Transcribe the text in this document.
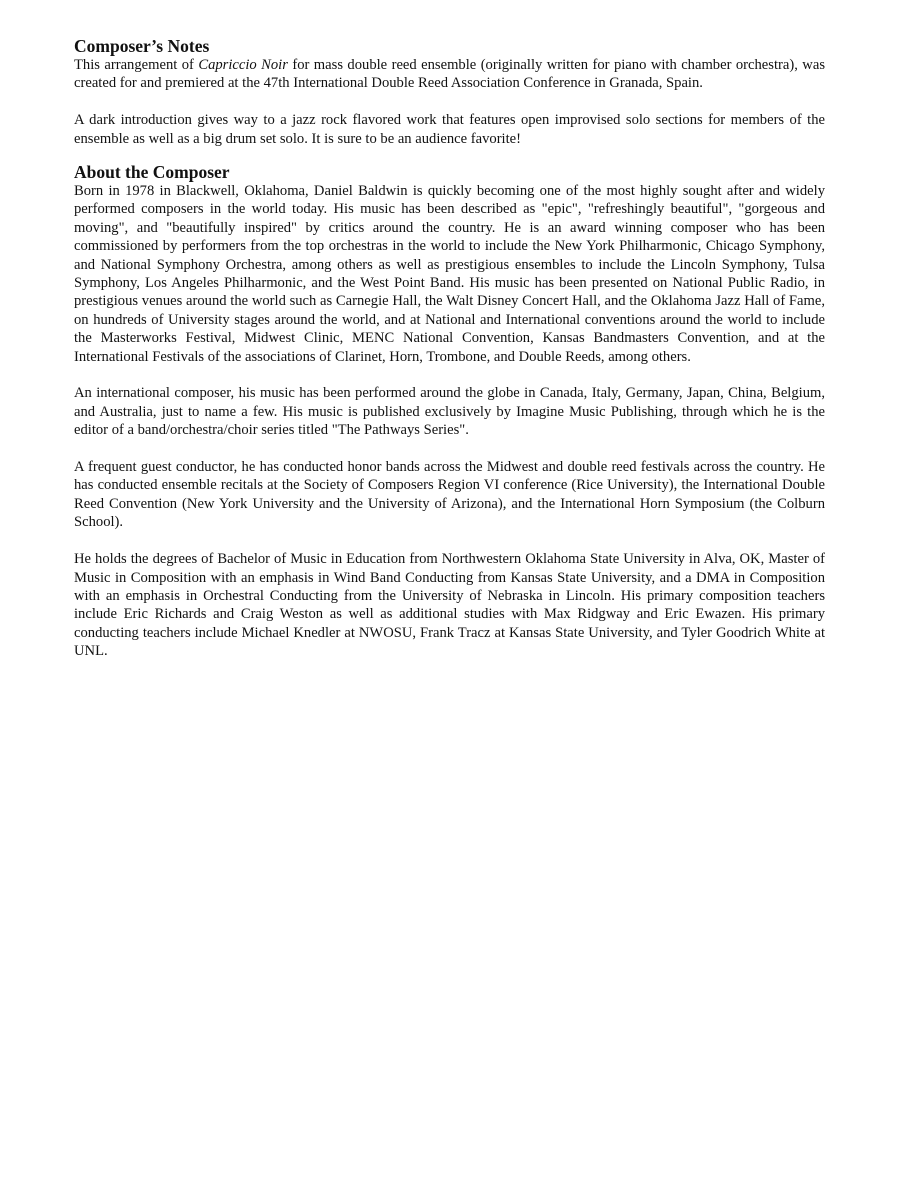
Composer’s Notes

This arrangement of Capriccio Noir for mass double reed ensemble (originally written for piano with chamber orchestra), was created for and premiered at the 47th International Double Reed Association Conference in Granada, Spain.

A dark introduction gives way to a jazz rock flavored work that features open improvised solo sections for members of the ensemble as well as a big drum set solo. It is sure to be an audience favorite!

About the Composer

Born in 1978 in Blackwell, Oklahoma, Daniel Baldwin is quickly becoming one of the most highly sought after and widely performed composers in the world today. His music has been described as "epic", "refreshingly beautiful", "gorgeous and moving", and "beautifully inspired" by critics around the country. He is an award winning composer who has been commissioned by performers from the top orchestras in the world to include the New York Philharmonic, Chicago Symphony, and National Symphony Orchestra, among others as well as prestigious ensembles to include the Lincoln Symphony, Tulsa Symphony, Los Angeles Philharmonic, and the West Point Band. His music has been presented on National Public Radio, in prestigious venues around the world such as Carnegie Hall, the Walt Disney Concert Hall, and the Oklahoma Jazz Hall of Fame, on hundreds of University stages around the world, and at National and International conventions around the world to include the Masterworks Festival, Midwest Clinic, MENC National Convention, Kansas Bandmasters Convention, and at the International Festivals of the associations of Clarinet, Horn, Trombone, and Double Reeds, among others.

An international composer, his music has been performed around the globe in Canada, Italy, Germany, Japan, China, Belgium, and Australia, just to name a few. His music is published exclusively by Imagine Music Publishing, through which he is the editor of a band/orchestra/choir series titled "The Pathways Series".

A frequent guest conductor, he has conducted honor bands across the Midwest and double reed festivals across the country. He has conducted ensemble recitals at the Society of Composers Region VI conference (Rice University), the International Double Reed Convention (New York University and the University of Arizona), and the International Horn Symposium (the Colburn School).

He holds the degrees of Bachelor of Music in Education from Northwestern Oklahoma State University in Alva, OK, Master of Music in Composition with an emphasis in Wind Band Conducting from Kansas State University, and a DMA in Composition with an emphasis in Orchestral Conducting from the University of Nebraska in Lincoln. His primary composition teachers include Eric Richards and Craig Weston as well as additional studies with Max Ridgway and Eric Ewazen. His primary conducting teachers include Michael Knedler at NWOSU, Frank Tracz at Kansas State University, and Tyler Goodrich White at UNL.
